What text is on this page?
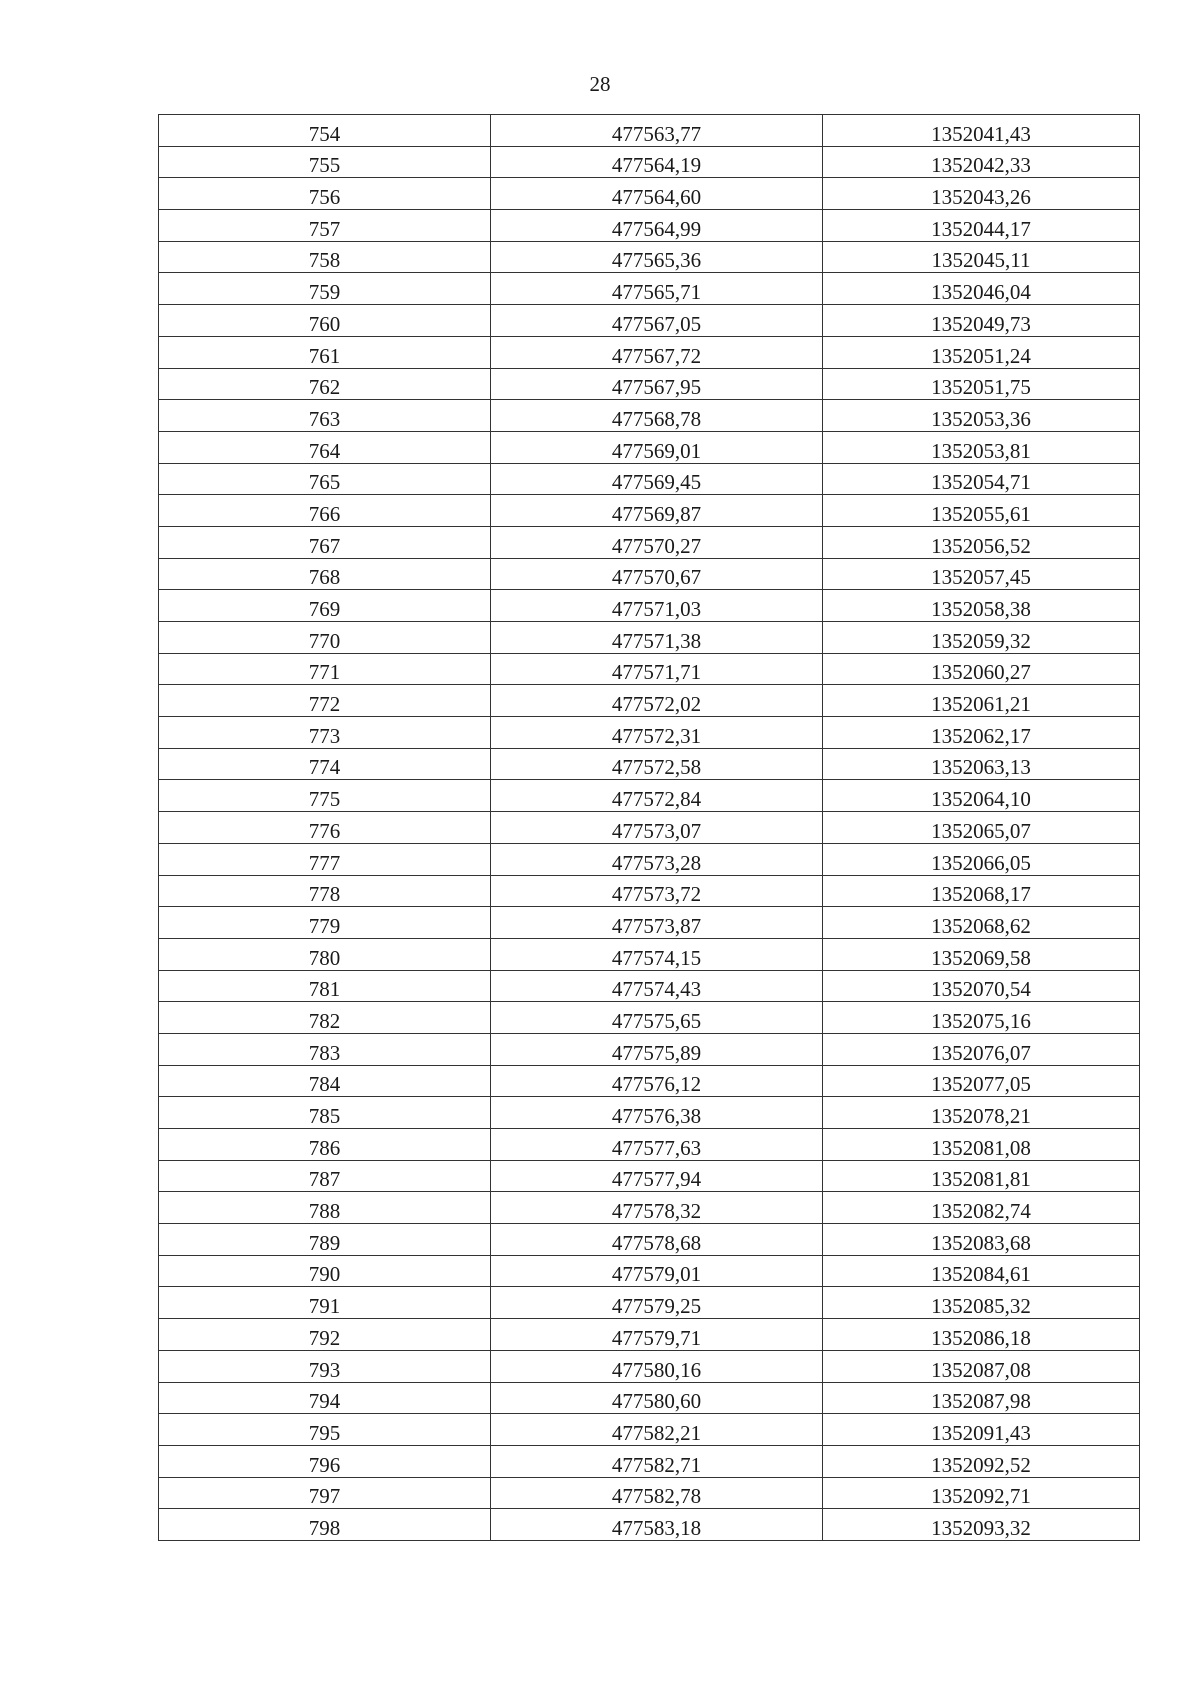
28
754	477563,77	1352041,43
755	477564,19	1352042,33
756	477564,60	1352043,26
757	477564,99	1352044,17
758	477565,36	1352045,11
759	477565,71	1352046,04
760	477567,05	1352049,73
761	477567,72	1352051,24
762	477567,95	1352051,75
763	477568,78	1352053,36
764	477569,01	1352053,81
765	477569,45	1352054,71
766	477569,87	1352055,61
767	477570,27	1352056,52
768	477570,67	1352057,45
769	477571,03	1352058,38
770	477571,38	1352059,32
771	477571,71	1352060,27
772	477572,02	1352061,21
773	477572,31	1352062,17
774	477572,58	1352063,13
775	477572,84	1352064,10
776	477573,07	1352065,07
777	477573,28	1352066,05
778	477573,72	1352068,17
779	477573,87	1352068,62
780	477574,15	1352069,58
781	477574,43	1352070,54
782	477575,65	1352075,16
783	477575,89	1352076,07
784	477576,12	1352077,05
785	477576,38	1352078,21
786	477577,63	1352081,08
787	477577,94	1352081,81
788	477578,32	1352082,74
789	477578,68	1352083,68
790	477579,01	1352084,61
791	477579,25	1352085,32
792	477579,71	1352086,18
793	477580,16	1352087,08
794	477580,60	1352087,98
795	477582,21	1352091,43
796	477582,71	1352092,52
797	477582,78	1352092,71
798	477583,18	1352093,32
